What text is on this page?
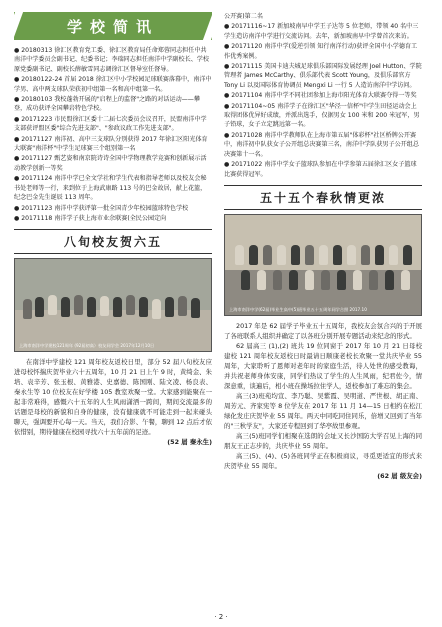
学校简讯

● 20180313 徐汇区教育党工委、徐汇区教育局任命郑蓉同志担任中共南洋中学委员会副书记、纪委书记；李瑞同志担任南洋中学副校长、学校原党委副书记、副校长薛敏雪同志调徐汇区督导室任督导。

● 20180122-24 首届 2018 徐汇区中小学校园足球联赛落幕中，南洋中学男、高中两支球队荣获初中组第一名和高中组第一名。

● 20180103 我校蓬勃开展的"启程上的监督"之路的对话运动——攀登，成功获评全国攀岩特色学校。

● 20171223 市民盟徐汇区委十二届七次委员会议召开，民盟南洋中学支部获评盟区委"综合先进支部"、"参政议政工作先进支部"。

● 20171127 南洋初、高中三支球队分别获得 2017 年徐汇区阳光体育大联赛"南洋杯"中学生足球赛三个组别第一名

● 20171127 甄艺姿和南京院诗诗全国中学物理教学竞赛和创新展示活动教学创新一等奖

● 20171124 南洋中学已全文学社和学生代表和指导老师以及校友会秘书处老师等一行，来到位于上海武康路 113 号的巴金故居，献上花篮，纪念巴金先生诞辰 113 周年。

● 20171123 南洋中学获评第一批全国青少年校园篮球特色学校

● 20171118 南洋学子获上海市业余联赛(全民公园定向

八旬校友贺六五
上海市南洋中学建校121周年 (92届初高）校友同学会 2017年12月10日

在南洋中学建校 121 周年校友返校日里，部分 52 届八旬校友应进母校怀揣庆贺毕业六十五周年，10 月 21 日上午 9 时，黄绮金、朱培、袁辛芳、张玉根、黄雅港、史嘉德、陈国刚、陆文凌、杨良表、秦永生等 10 位校友在好学楼 105 教室欢聚一堂。大家感到能聚在一起非常难得，感慨六十五年的人生风雨潇洒一跨间，期间交流最多的话题是母校的新貌和自身的健康，没有健康就不可能走到一起来碰头聊天，强调要开心每一天。当天，我们合影、午餐，聊到 12 点后才依依惜别，期待健康在校园寻找六十五年前的足迹。

(52 届 秦永生)

公开赛)第二名

● 20171116~17 新加坡南早中学王子达等 5 位老师，带领 40 名中三学生造访南洋中学进行交流访问。去年，新加坡南早中学曾首次来访。

● 20171120 南洋中学(爱逆引领 知行南洋行动)获评全国中小学德育工作优秀案例。

● 20171115 美国卡迪夫城足球俱乐部国际发展经理 Joel Hutton、学院管理者 James McCarthy、俱乐部代表 Scott Young，及俱乐部官方 Tony Li 以及国际体育协调员 Mengxi Li 一行 5 人造访南洋中学访问。

● 20171104 南洋中学不同社团参加上海市阳光体育大联赛夺得一等奖

● 20171104~05 南洋学子在徐汇区"华泾一信杯"中学生田径运动会上取得团体优异好成绩，并派出选手，仅据男女 100 米和 200 米冠军，男子铅球，女子立定跳远第一名。

● 20171028 南洋中学教师队在上海市第五届"体彩杯"社区桥牌公开赛中，南洋初中队获女子公开组总决赛第三名，南洋中学队获男子公开组总决赛第十一名。

● 20171022 南洋中学女子篮球队参加在中学参第五届徐汇区女子篮球比赛获得冠军。

五十五个春秋情更浓
上海市南洋中学(62届)毕业生高中(5)班毕业五十五周年同学合照 2017.10

2017 年是 62 届学子毕业五十五周年，我校友会氛合兴的于开展了各班联系人组织并确定了以各班分别开展专题活动来纪念的形式。

62 届高三 (1),(2) 班共 19 位同窗于 2017 年 10 月 21 日母校建校 121 周年校友返校日时最请日顺康老校长欢聚一堂共庆毕业 55 周年，大家聆听了恩师对老年时的家庭生活，待人处世的感受教诲，并共祝老师身体安康，同学们热议了学生的人生风雨，纪君佐今，情深意重，谈遍后，相小班在操场拉住学人，返校参加了难忘的集会。

高三(3)班苑均宣、李乃聪、吴紫霞、吴明道、严世根、胡正南、周芳元、齐家宪等 8 位学友在 2017 年 11 月 14—15 日相约在松江绿化发庄庆贺毕业 55 周年。两天中同吃同住同乐，倍增又回到了当年的"三秋学友"，大家还专程回到了华亭故里参观。

高三(5)班同学们相聚在选朗的会址又长沙国防大学召见上海的同朋友王正志步的，共庆毕业 55 周年。

高三(5)、(4)、(5)各班同学正在积极商议，寻觅更适宜的形式来庆贺毕业 55 周年。

(62 届 级友会)
· 2 ·
